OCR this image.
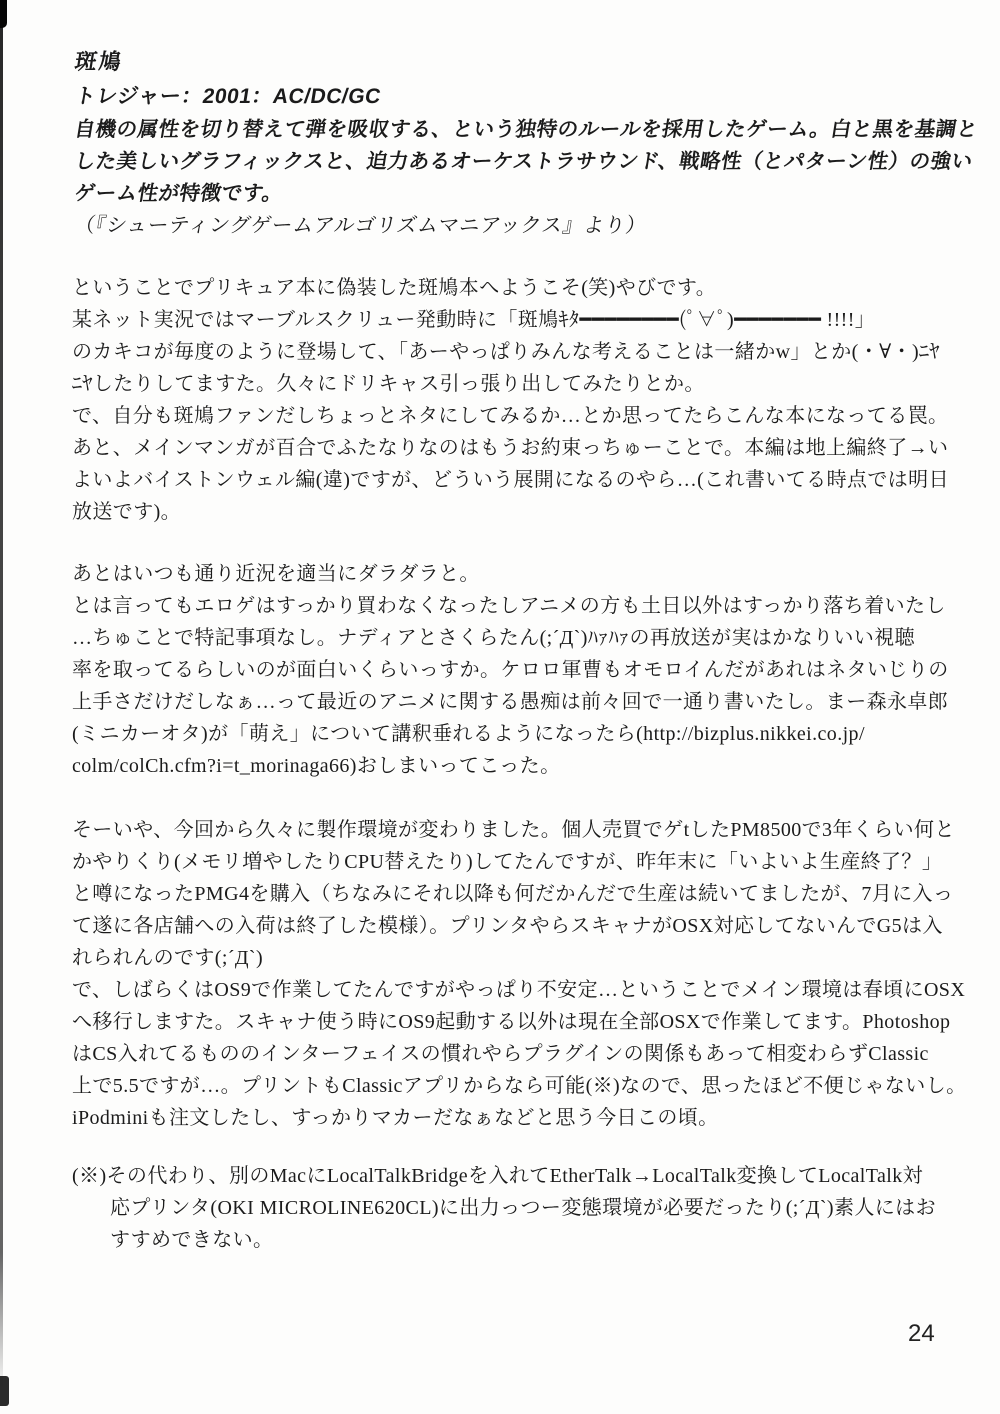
斑鳩
トレジャー：2001：AC/DC/GC
自機の属性を切り替えて弾を吸収する、という独特のルールを採用したゲーム。白と黒を基調と
した美しいグラフィックスと、迫力あるオーケストラサウンド、戦略性（とパターン性）の強い
ゲーム性が特徴です。
（『シューティングゲームアルゴリズムマニアックス』より）
ということでプリキュア本に偽装した斑鳩本へようこそ(笑)やびです。
某ネット実況ではマーブルスクリュー発動時に「斑鳩ｷﾀ━━━━━━━━(ﾟ∀ﾟ)━━━━━━━ !!!!」
のカキコが毎度のように登場して、「あーやっぱりみんな考えることは一緒かw」とか(・∀・)ﾆﾔ
ﾆﾔしたりしてますた。久々にドリキャス引っ張り出してみたりとか。
で、自分も斑鳩ファンだしちょっとネタにしてみるか…とか思ってたらこんな本になってる罠。
あと、メインマンガが百合でふたなりなのはもうお約束っちゅーことで。本編は地上編終了→い
よいよバイストンウェル編(違)ですが、どういう展開になるのやら…(これ書いてる時点では明日
放送です)。
あとはいつも通り近況を適当にダラダラと。
とは言ってもエロゲはすっかり買わなくなったしアニメの方も土日以外はすっかり落ち着いたし
…ちゅことで特記事項なし。ナディアとさくらたん(;´Д`)ﾊｧﾊｧの再放送が実はかなりいい視聴
率を取ってるらしいのが面白いくらいっすか。ケロロ軍曹もオモロイんだがあれはネタいじりの
上手さだけだしなぁ…って最近のアニメに関する愚痴は前々回で一通り書いたし。まー森永卓郎
(ミニカーオタ)が「萌え」について講釈垂れるようになったら(http://bizplus.nikkei.co.jp/
colm/colCh.cfm?i=t_morinaga66)おしまいってこった。
そーいや、今回から久々に製作環境が変わりました。個人売買でゲtしたPM8500で3年くらい何と
かやりくり(メモリ増やしたりCPU替えたり)してたんですが、昨年末に「いよいよ生産終了？」
と噂になったPMG4を購入（ちなみにそれ以降も何だかんだで生産は続いてましたが、7月に入っ
て遂に各店舗への入荷は終了した模様）。プリンタやらスキャナがOSX対応してないんでG5は入
れられんのです(;´Д`)
で、しばらくはOS9で作業してたんですがやっぱり不安定…ということでメイン環境は春頃にOSX
へ移行しますた。スキャナ使う時にOS9起動する以外は現在全部OSXで作業してます。Photoshop
はCS入れてるもののインターフェイスの慣れやらプラグインの関係もあって相変わらずClassic
上で5.5ですが…。プリントもClassicアプリからなら可能(※)なので、思ったほど不便じゃないし。
iPodminiも注文したし、すっかりマカーだなぁなどと思う今日この頃。
(※)その代わり、別のMacにLocalTalkBridgeを入れてEtherTalk→LocalTalk変換してLocalTalk対
応プリンタ(OKI MICROLINE620CL)に出力っつー変態環境が必要だったり(;´Д`)素人にはお
すすめできない。
24
